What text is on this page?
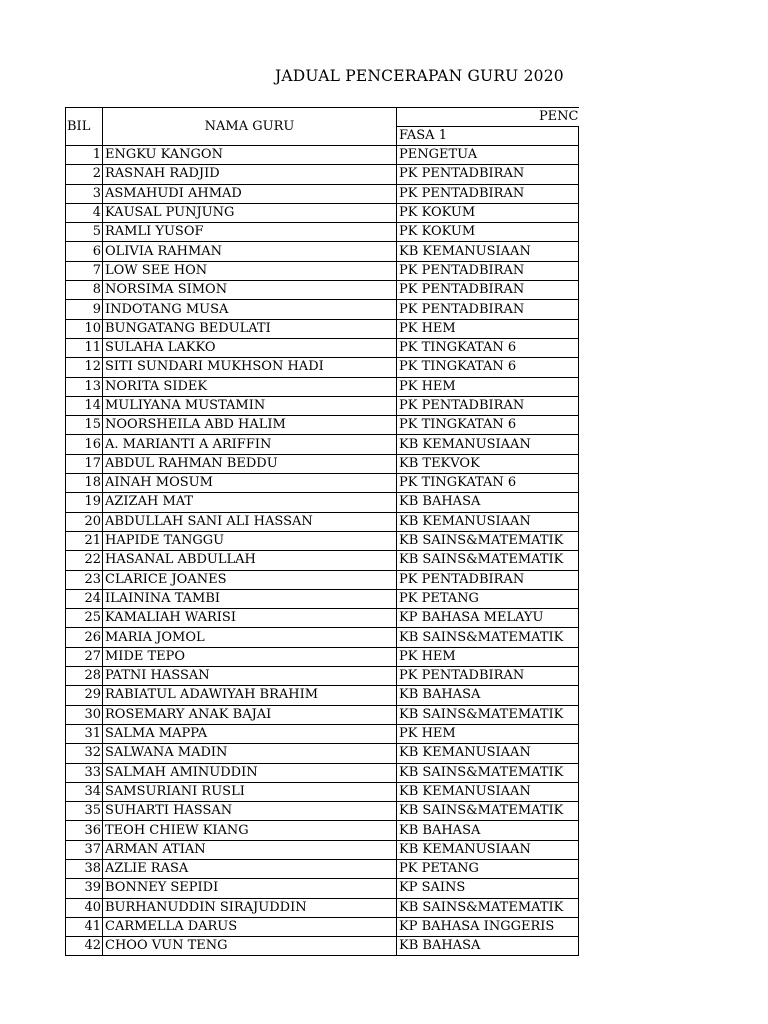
JADUAL PENCERAPAN GURU 2020
BIL	NAMA GURU	PENC
		FASA 1
1	ENGKU KANGON	PENGETUA
2	RASNAH RADJID	PK PENTADBIRAN
3	ASMAHUDI AHMAD	PK PENTADBIRAN
4	KAUSAL PUNJUNG	PK KOKUM
5	RAMLI YUSOF	PK KOKUM
6	OLIVIA RAHMAN	KB KEMANUSIAAN
7	LOW SEE HON	PK PENTADBIRAN
8	NORSIMA SIMON	PK PENTADBIRAN
9	INDOTANG MUSA	PK PENTADBIRAN
10	BUNGATANG BEDULATI	PK HEM
11	SULAHA LAKKO	PK TINGKATAN 6
12	SITI SUNDARI MUKHSON HADI	PK TINGKATAN 6
13	NORITA SIDEK	PK HEM
14	MULIYANA MUSTAMIN	PK PENTADBIRAN
15	NOORSHEILA ABD HALIM	PK TINGKATAN 6
16	A. MARIANTI A ARIFFIN	KB KEMANUSIAAN
17	ABDUL RAHMAN BEDDU	KB TEKVOK
18	AINAH MOSUM	PK TINGKATAN 6
19	AZIZAH MAT	KB BAHASA
20	ABDULLAH SANI ALI HASSAN	KB KEMANUSIAAN
21	HAPIDE TANGGU	KB SAINS&MATEMATIK
22	HASANAL ABDULLAH	KB SAINS&MATEMATIK
23	CLARICE JOANES	PK PENTADBIRAN
24	ILAININA TAMBI	PK PETANG
25	KAMALIAH WARISI	KP BAHASA MELAYU
26	MARIA JOMOL	KB SAINS&MATEMATIK
27	MIDE TEPO	PK HEM
28	PATNI HASSAN	PK PENTADBIRAN
29	RABIATUL ADAWIYAH BRAHIM	KB BAHASA
30	ROSEMARY ANAK BAJAI	KB SAINS&MATEMATIK
31	SALMA MAPPA	PK HEM
32	SALWANA MADIN	KB KEMANUSIAAN
33	SALMAH AMINUDDIN	KB SAINS&MATEMATIK
34	SAMSURIANI RUSLI	KB KEMANUSIAAN
35	SUHARTI HASSAN	KB SAINS&MATEMATIK
36	TEOH CHIEW KIANG	KB BAHASA
37	ARMAN ATIAN	KB KEMANUSIAAN
38	AZLIE RASA	PK PETANG
39	BONNEY SEPIDI	KP SAINS
40	BURHANUDDIN SIRAJUDDIN	KB SAINS&MATEMATIK
41	CARMELLA DARUS	KP BAHASA INGGERIS
42	CHOO VUN TENG	KB BAHASA
